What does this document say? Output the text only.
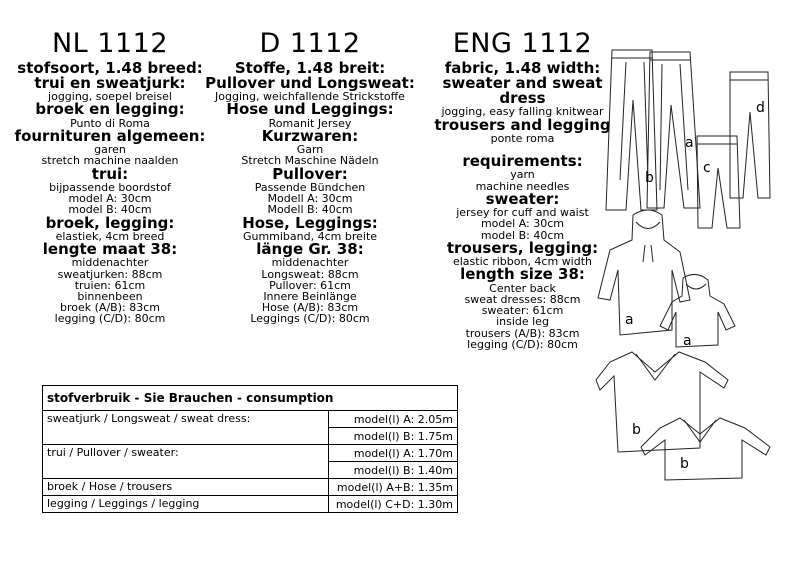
NL 1112
stofsoort, 1.48 breed:
trui en sweatjurk:
jogging, soepel breisel
broek en legging:
Punto di Roma
fournituren algemeen:
garen
stretch machine naalden
trui:
bijpassende boordstof
model A: 30cm
model B: 40cm
broek, legging:
elastiek, 4cm breed
lengte maat 38:
middenachter
sweatjurken: 88cm
truien: 61cm
binnenbeen
broek (A/B): 83cm
legging (C/D): 80cm
D 1112
Stoffe, 1.48 breit:
Pullover und Longsweat:
Jogging, weichfallende Strickstoffe
Hose und Leggings:
Romanit Jersey
Kurzwaren:
Garn
Stretch Maschine Nädeln
Pullover:
Passende Bündchen
Modell A: 30cm
Modell B: 40cm
Hose, Leggings:
Gummiband, 4cm breite
länge Gr. 38:
middenachter
Longsweat: 88cm
Pullover: 61cm
Innere Beinlänge
Hose (A/B): 83cm
Leggings (C/D): 80cm
ENG 1112
fabric, 1.48 width:
sweater and sweat dress
jogging, easy falling knitwear
trousers and legging
ponte roma
requirements:
yarn
machine needles
sweater:
jersey for cuff and waist
model A: 30cm
model B: 40cm
trousers, legging:
elastic ribbon, 4cm width
length size 38:
Center back
sweat dresses: 88cm
sweater: 61cm
inside leg
trousers (A/B): 83cm
legging (C/D): 80cm
stofverbruik - Sie Brauchen - consumption	
sweatjurk / Longsweat / sweat dress:	model(l) A: 2.05m
	model(l) B: 1.75m
trui / Pullover / sweater:	model(l) A: 1.70m
	model(l) B: 1.40m
broek / Hose / trousers	model(l) A+B: 1.35m
legging / Leggings / legging	model(l) C+D: 1.30m
b
a
c
d
a
a
b
b
